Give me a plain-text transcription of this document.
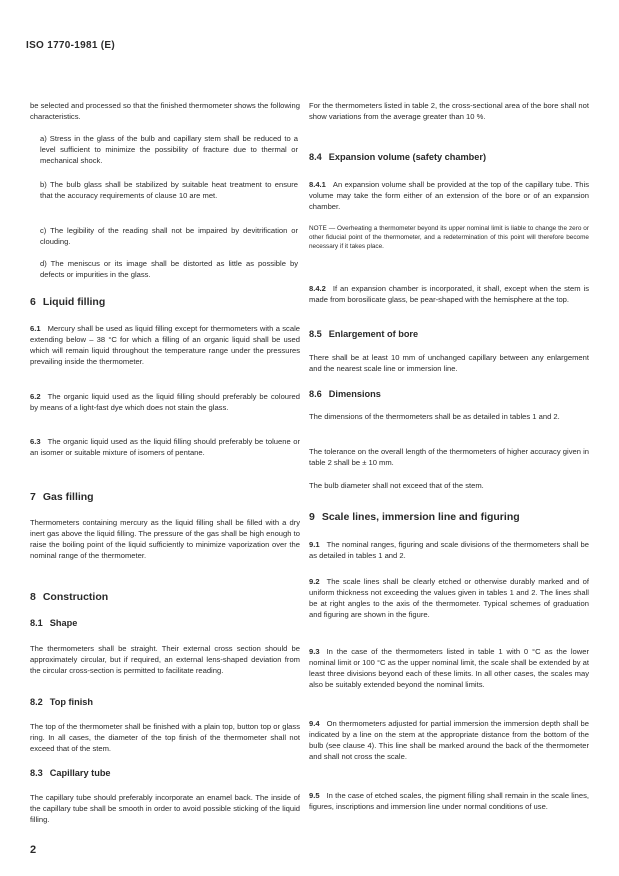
ISO 1770-1981 (E)

be selected and processed so that the finished thermometer shows the following characteristics.

a) Stress in the glass of the bulb and capillary stem shall be reduced to a level sufficient to minimize the possibility of fracture due to thermal or mechanical shock.

b) The bulb glass shall be stabilized by suitable heat treatment to ensure that the accuracy requirements of clause 10 are met.

c) The legibility of the reading shall not be impaired by devitrification or clouding.

d) The meniscus or its image shall be distorted as little as possible by defects or impurities in the glass.

6 Liquid filling

6.1 Mercury shall be used as liquid filling except for thermometers with a scale extending below – 38 °C for which a filling of an organic liquid shall be used which will remain liquid throughout the temperature range under the pressures prevailing inside the thermometer.

6.2 The organic liquid used as the liquid filling should preferably be coloured by means of a light-fast dye which does not stain the glass.

6.3 The organic liquid used as the liquid filling should preferably be toluene or an isomer or suitable mixture of isomers of pentane.

7 Gas filling

Thermometers containing mercury as the liquid filling shall be filled with a dry inert gas above the liquid filling. The pressure of the gas shall be high enough to raise the boiling point of the liquid sufficiently to minimize vaporization over the nominal range of the thermometer.

8 Construction
8.1 Shape

The thermometers shall be straight. Their external cross section should be approximately circular, but if required, an external lens-shaped deviation from the circular cross-section is permitted to facilitate reading.

8.2 Top finish

The top of the thermometer shall be finished with a plain top, button top or glass ring. In all cases, the diameter of the top finish of the thermometer shall not exceed that of the stem.

8.3 Capillary tube

The capillary tube should preferably incorporate an enamel back. The inside of the capillary tube shall be smooth in order to avoid possible sticking of the liquid filling.

For the thermometers listed in table 2, the cross-sectional area of the bore shall not show variations from the average greater than 10 %.

8.4 Expansion volume (safety chamber)

8.4.1 An expansion volume shall be provided at the top of the capillary tube. This volume may take the form either of an extension of the bore or of an expansion chamber.

NOTE — Overheating a thermometer beyond its upper nominal limit is liable to change the zero or other fiducial point of the thermometer, and a redetermination of this point will therefore become necessary if it takes place.

8.4.2 If an expansion chamber is incorporated, it shall, except when the stem is made from borosilicate glass, be pear-shaped with the hemisphere at the top.

8.5 Enlargement of bore

There shall be at least 10 mm of unchanged capillary between any enlargement and the nearest scale line or immersion line.

8.6 Dimensions

The dimensions of the thermometers shall be as detailed in tables 1 and 2.

The tolerance on the overall length of the thermometers of higher accuracy given in table 2 shall be ± 10 mm.

The bulb diameter shall not exceed that of the stem.

9 Scale lines, immersion line and figuring

9.1 The nominal ranges, figuring and scale divisions of the thermometers shall be as detailed in tables 1 and 2.

9.2 The scale lines shall be clearly etched or otherwise durably marked and of uniform thickness not exceeding the values given in tables 1 and 2. The lines shall be at right angles to the axis of the thermometer. Typical schemes of graduation and figuring are shown in the figure.

9.3 In the case of the thermometers listed in table 1 with 0 °C as the lower nominal limit or 100 °C as the upper nominal limit, the scale shall be extended by at least three divisions beyond each of these limits. In all other cases, the scales may also be suitably extended beyond the nominal limits.

9.4 On thermometers adjusted for partial immersion the immersion depth shall be indicated by a line on the stem at the appropriate distance from the bottom of the bulb (see clause 4). This line shall be marked around the back of the thermometer and shall not cross the scale.

9.5 In the case of etched scales, the pigment filling shall remain in the scale lines, figures, inscriptions and immersion line under normal conditions of use.

2
